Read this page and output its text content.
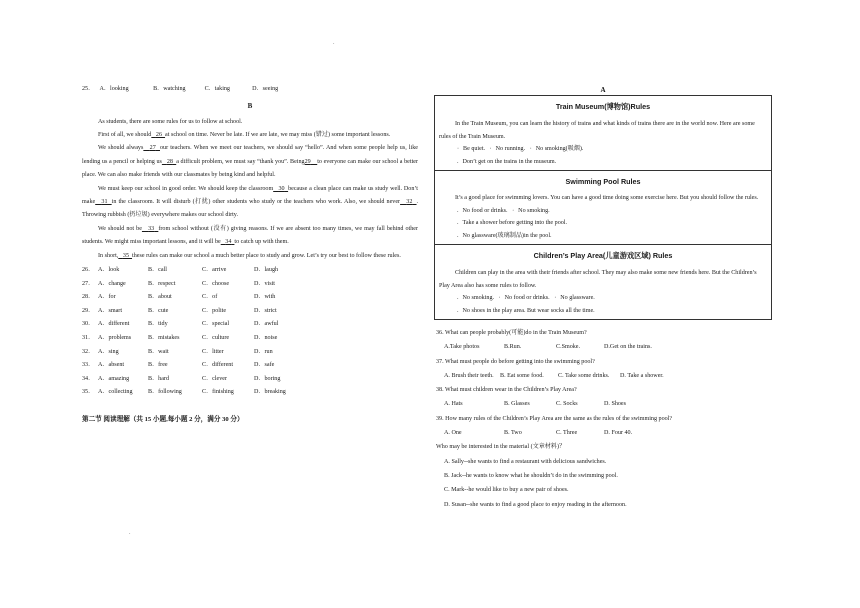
.
.
25． A．looking	B．watching	C．taking	D．seeing
B

As students, there are some rules for us to follow at school.

First of all, we should 26 at school on time. Never be late. If we are late, we may miss (错过) some important lessons.

We should always 27 our teachers. When we meet our teachers, we should say “hello”. And when some people help us, like lending us a pencil or helping us 28 a difficult problem, we must say “thank you”. Being29 to everyone can make our school a better place. We can also make friends with our classmates by being kind and helpful.

We must keep our school in good order. We should keep the classroom 30 because a clean place can make us study well. Don’t make 31 in the classroom. It will disturb (打扰) other students who study or the teachers who work. Also, we should never 32 . Throwing rubbish (扔垃圾) everywhere makes our school dirty.

We should not be 33 from school without (没有) giving reasons. If we are absent too many times, we may fall behind other students. We might miss important lessons, and it will be 34 to catch up with them.

In short, 35 these rules can make our school a much better place to study and grow. Let’s try our best to follow these rules.

26． A．look	B．call	C．arrive	D．laugh
27． A．change	B．respect	C．choose	D．visit
28． A．for	B．about	C．of	D．with
29． A．smart	B．cute	C．polite	D．strict
30． A．different	B．tidy	C．special	D．awful
31． A．problems	B．mistakes	C．culture	D．noise
32． A．sing	B．wait	C．litter	D．run
33． A．absent	B．free	C．different	D．safe
34． A．amazing	B．hard	C．clever	D．boring
35． A．collecting	B．following	C．finishing	D．breaking
第二节 阅读理解（共 15 小题,每小题 2 分，满分 30 分）
A
Train Museum(博物馆)Rules

In the Train Museum, you can learn the history of trains and what kinds of trains there are in the world now. Here are some rules of the Train Museum.

· Be quiet. · No running. · No smoking(吸烟).
. Don’t get on the trains in the museum.
Swimming Pool Rules

It’s a good place for swimming lovers. You can have a good time doing some exercise here. But you should follow the rules.

. No food or drinks. · No smoking.
. Take a shower before getting into the pool.
. No glassware(玻璃制品)in the pool.
Children’s Play Area(儿童游戏区域) Rules

Children can play in the area with their friends after school. They may also make some new friends here. But the Children’s Play Area also has some rules to follow.

. No smoking. · No food or drinks. · No glassware.
. No shoes in the play area. But wear socks all the time.
36. What can people probably(可能)do in the Train Museum?
A.Take photos	B.Run.	C.Smoke.	D.Get on the trains.
37. What must people do before getting into the swimming pool?
A. Brush their teeth. B. Eat some food. C. Take some drinks. D. Take a shower.
38. What must children wear in the Children’s Play Area?
A. Hats	B. Glasses	C. Socks	D. Shoes
39. How many rules of the Children’s Play Area are the same as the rules of the swimming pool?
A. One	B. Two	C. Three	D. Four 40.
Who may be interested in the material (文章材料)？
A. Sally--she wants to find a restaurant with delicious sandwiches.
B. Jack--he wants to know what he shouldn’t do in the swimming pool.
C. Mark--he would like to buy a new pair of shoes.
D. Susan--she wants to find a good place to enjoy reading in the afternoon.
